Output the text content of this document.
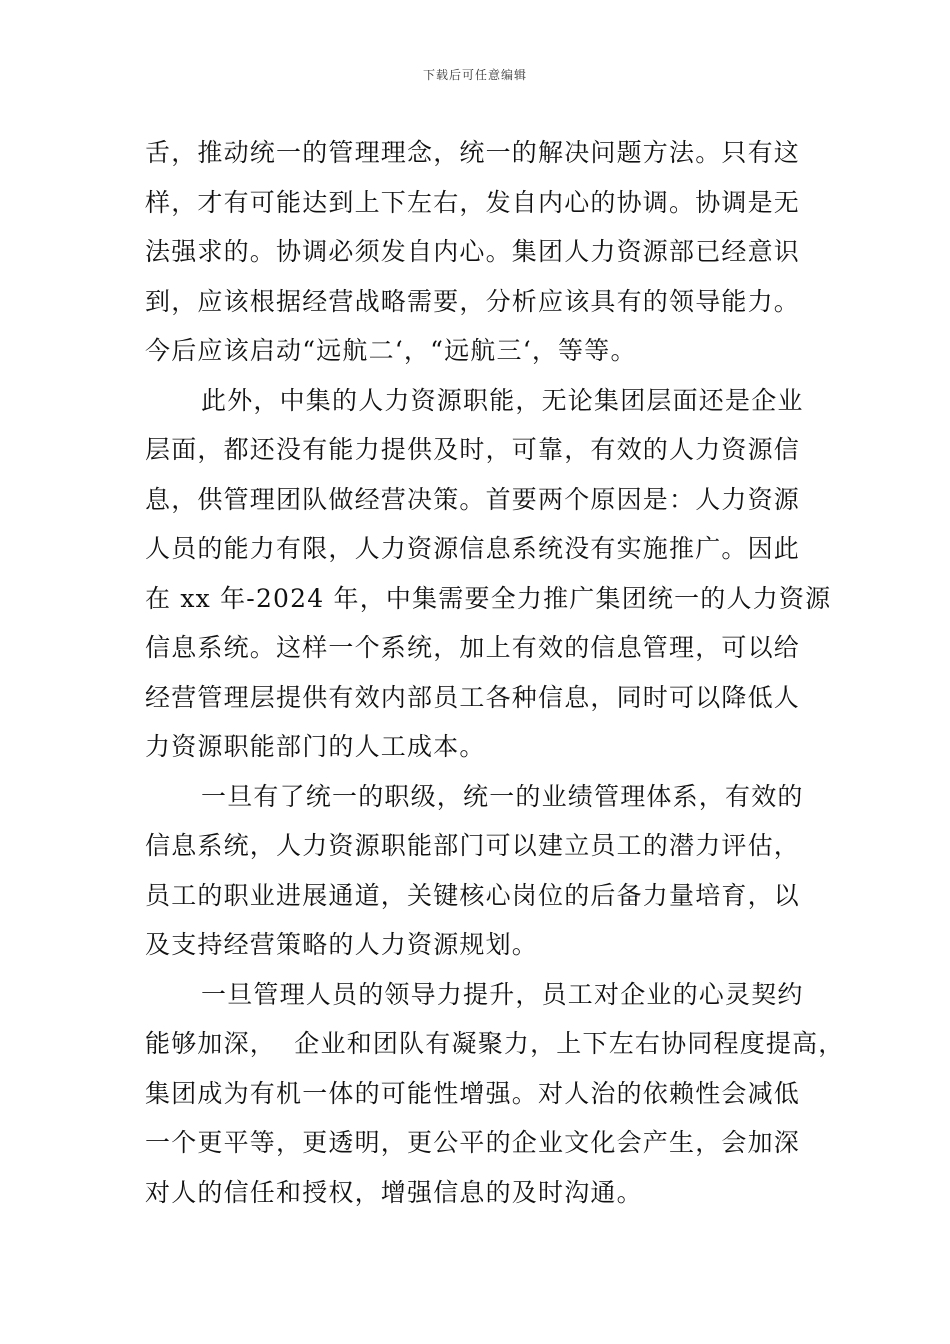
下载后可任意编辑
舌，推动统一的管理理念，统一的解决问题方法。只有这
样，才有可能达到上下左右，发自内心的协调。协调是无
法强求的。协调必须发自内心。集团人力资源部已经意识
到，应该根据经营战略需要，分析应该具有的领导能力。
今后应该启动“远航二‘，“远航三‘，等等。
此外，中集的人力资源职能，无论集团层面还是企业
层面，都还没有能力提供及时，可靠，有效的人力资源信
息，供管理团队做经营决策。首要两个原因是：人力资源
人员的能力有限，人力资源信息系统没有实施推广。因此
在 xx 年-2024 年，中集需要全力推广集团统一的人力资源
信息系统。这样一个系统，加上有效的信息管理，可以给
经营管理层提供有效内部员工各种信息，同时可以降低人
力资源职能部门的人工成本。
一旦有了统一的职级，统一的业绩管理体系，有效的
信息系统，人力资源职能部门可以建立员工的潜力评估，
员工的职业进展通道，关键核心岗位的后备力量培育，以
及支持经营策略的人力资源规划。
一旦管理人员的领导力提升，员工对企业的心灵契约
能够加深，  企业和团队有凝聚力，上下左右协同程度提高，
集团成为有机一体的可能性增强。对人治的依赖性会减低
一个更平等，更透明，更公平的企业文化会产生，会加深
对人的信任和授权，增强信息的及时沟通。
